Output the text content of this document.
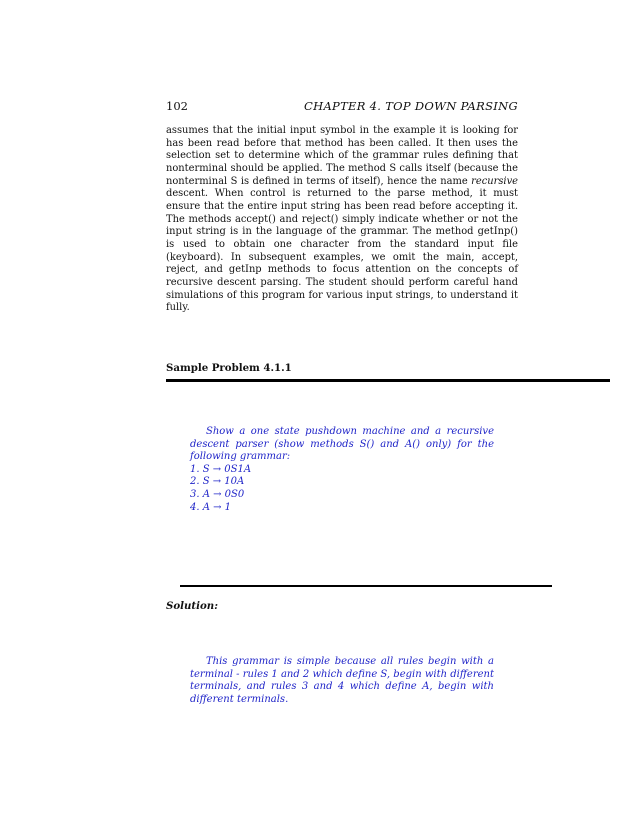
102	CHAPTER 4. TOP DOWN PARSING

assumes that the initial input symbol in the example it is looking for has been read before that method has been called. It then uses the selection set to determine which of the grammar rules defining that nonterminal should be applied. The method S calls itself (because the nonterminal S is defined in terms of itself), hence the name recursive descent. When control is returned to the parse method, it must ensure that the entire input string has been read before accepting it. The methods accept() and reject() simply indicate whether or not the input string is in the language of the grammar. The method getInp() is used to obtain one character from the standard input file (keyboard). In subsequent examples, we omit the main, accept, reject, and getInp methods to focus attention on the concepts of recursive descent parsing. The student should perform careful hand simulations of this program for various input strings, to understand it fully.

Sample Problem 4.1.1

Show a one state pushdown machine and a recursive descent parser (show methods S() and A() only) for the following grammar:

1. S → 0S1A
2. S → 10A
3. A → 0S0
4. A → 1
Solution:

This grammar is simple because all rules begin with a terminal - rules 1 and 2 which define S, begin with different terminals, and rules 3 and 4 which define A, begin with different terminals.
